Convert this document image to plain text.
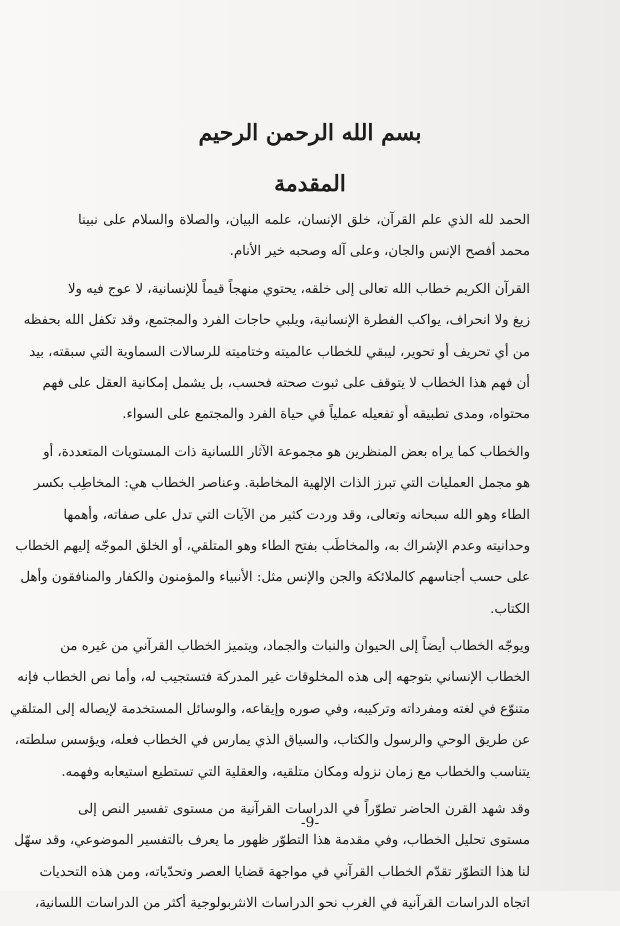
بسم الله الرحمن الرحيم
المقدمة
الحمد لله الذي علم القرآن، خلق الإنسان، علمه البيان، والصلاة والسلام على نبينا
محمد أفصح الإنس والجان، وعلى آله وصحبه خير الأنام.
القرآن الكريم خطاب الله تعالى إلى خلقه، يحتوي منهجاً قيماً للإنسانية، لا عوج فيه ولا
زيغ ولا انحراف، يواكب الفطرة الإنسانية، ويلبي حاجات الفرد والمجتمع، وقد تكفل الله بحفظه
من أي تحريف أو تحوير، ليبقي للخطاب عالميته وختاميته للرسالات السماوية التي سبقته، بيد
أن فهم هذا الخطاب لا يتوقف على ثبوت صحته فحسب، بل يشمل إمكانية العقل على فهم
محتواه، ومدى تطبيقه أو تفعيله عملياً في حياة الفرد والمجتمع على السواء.
والخطاب كما يراه بعض المنظرين هو مجموعة الآثار اللسانية ذات المستويات المتعددة، أو
هو مجمل العمليات التي تبرز الذات الإلهية المخاطبة. وعناصر الخطاب هي: المخاطِب بكسر
الطاء وهو الله سبحانه وتعالى، وقد وردت كثير من الآيات التي تدل على صفاته، وأهمها
وحدانيته وعدم الإشراك به، والمخاطَب بفتح الطاء وهو المتلقي، أو الخلق الموجّه إليهم الخطاب
على حسب أجناسهم كالملائكة والجن والإنس مثل: الأنبياء والمؤمنون والكفار والمنافقون وأهل
الكتاب.
ويوجّه الخطاب أيضاً إلى الحيوان والنبات والجماد، ويتميز الخطاب القرآني من غيره من
الخطاب الإنساني بتوجهه إلى هذه المخلوقات غير المدركة فتستجيب له، وأما نص الخطاب فإنه
متنوّع في لغته ومفرداته وتركيبه، وفي صوره وإيقاعه، والوسائل المستخدمة لإيصاله إلى المتلقي
عن طريق الوحي والرسول والكتاب، والسياق الذي يمارس في الخطاب فعله، ويؤسس سلطته،
يتناسب والخطاب مع زمان نزوله ومكان متلقيه، والعقلية التي تستطيع استيعابه وفهمه.
وقد شهد القرن الحاضر تطوّراً في الدراسات القرآنية من مستوى تفسير النص إلى
مستوى تحليل الخطاب، وفي مقدمة هذا التطوّر ظهور ما يعرف بالتفسير الموضوعي، وقد سهّل
لنا هذا التطوّر تقدّم الخطاب القرآني في مواجهة قضايا العصر وتحدّياته، ومن هذه التحديات
اتجاه الدراسات القرآنية في الغرب نحو الدراسات الانثربولوجية أكثر من الدراسات اللسانية،
-9-
